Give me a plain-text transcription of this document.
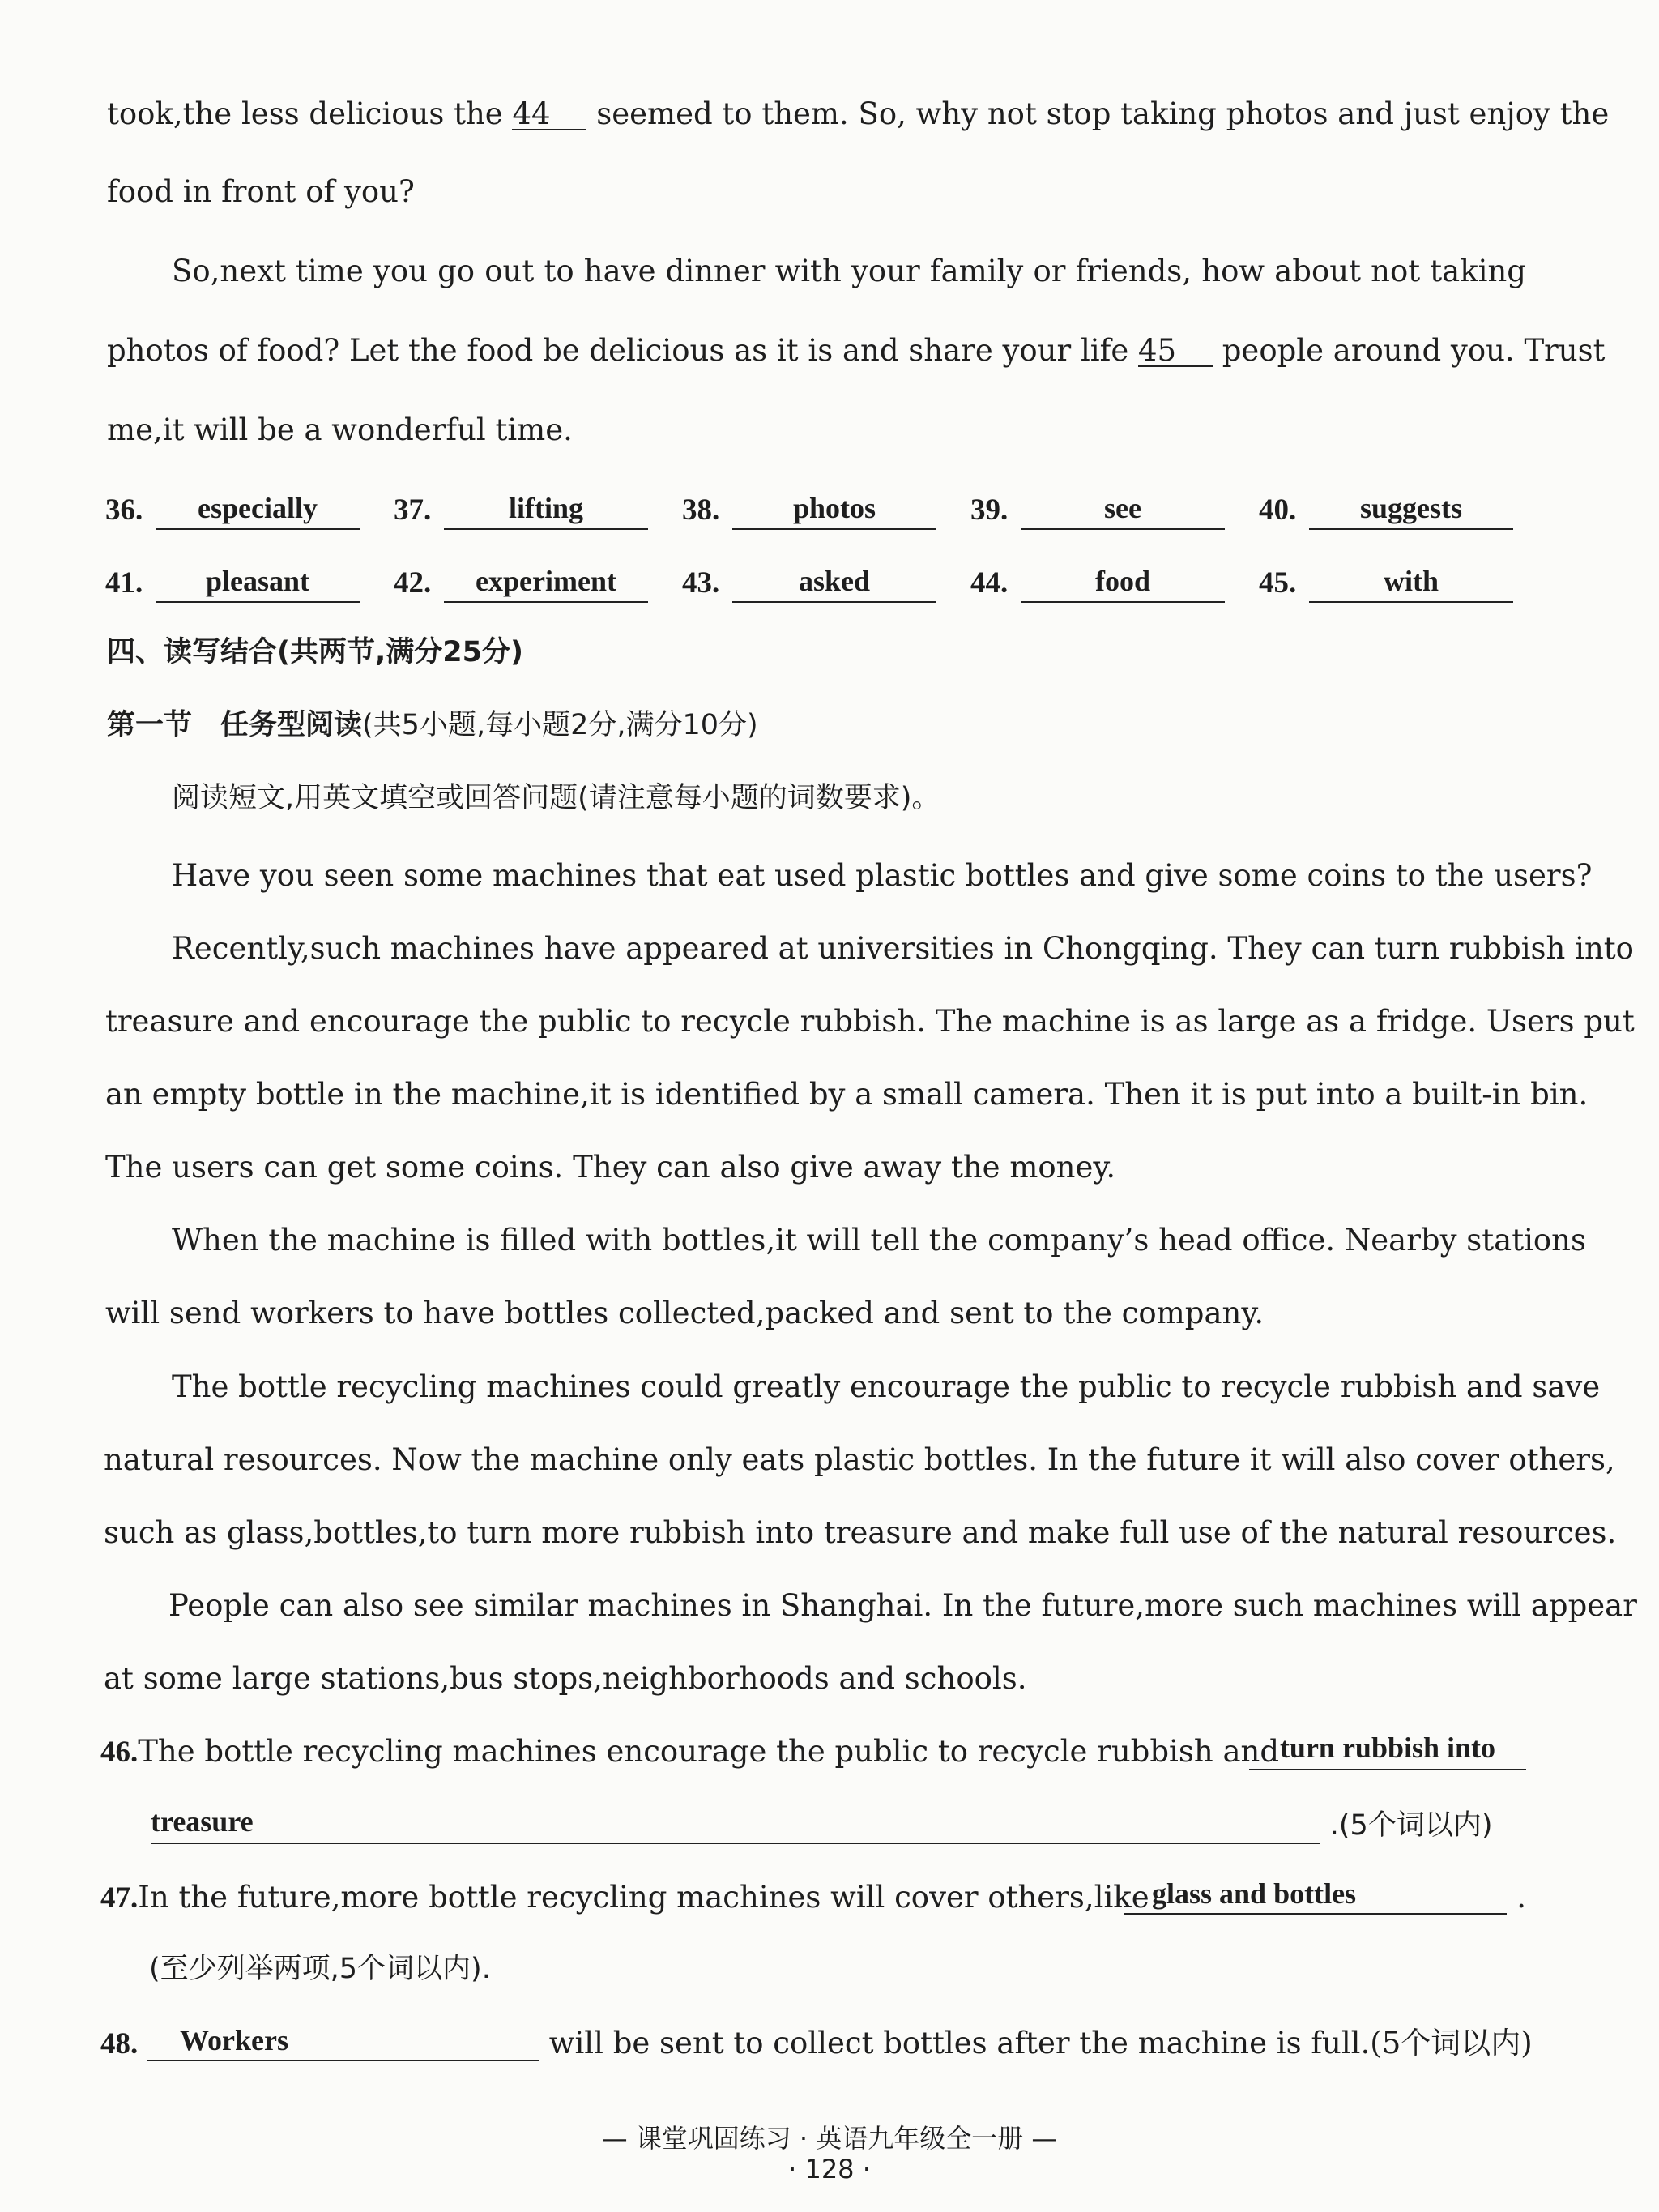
took,the less delicious the 44 seemed to them. So, why not stop taking photos and just enjoy the
food in front of you?
So,next time you go out to have dinner with your family or friends, how about not taking
photos of food? Let the food be delicious as it is and share your life 45 people around you. Trust
me,it will be a wonderful time.
36.	especially	37.	lifting	38.	photos	39.	see	40.	suggests
41.	pleasant	42.	experiment	43.	asked	44.	food	45.	with
四、读写结合(共两节,满分25分)
第一节　任务型阅读(共5小题,每小题2分,满分10分)
阅读短文,用英文填空或回答问题(请注意每小题的词数要求)。
Have you seen some machines that eat used plastic bottles and give some coins to the users?
Recently,such machines have appeared at universities in Chongqing. They can turn rubbish into
treasure and encourage the public to recycle rubbish. The machine is as large as a fridge. Users put
an empty bottle in the machine,it is identified by a small camera. Then it is put into a built-in bin.
The users can get some coins. They can also give away the money.
When the machine is filled with bottles,it will tell the company’s head office. Nearby stations
will send workers to have bottles collected,packed and sent to the company.
The bottle recycling machines could greatly encourage the public to recycle rubbish and save
natural resources. Now the machine only eats plastic bottles. In the future it will also cover others,
such as glass,bottles,to turn more rubbish into treasure and make full use of the natural resources.
People can also see similar machines in Shanghai. In the future,more such machines will appear
at some large stations,bus stops,neighborhoods and schools.
46.The bottle recycling machines encourage the public to recycle rubbish and turn rubbish into
treasure	.(5个词以内)
47.In the future,more bottle recycling machines will cover others,like glass and bottles	.
(至少列举两项,5个词以内).
48. Workers	will be sent to collect bottles after the machine is full.(5个词以内)
— 课堂巩固练习 · 英语九年级全一册 —
· 128 ·
